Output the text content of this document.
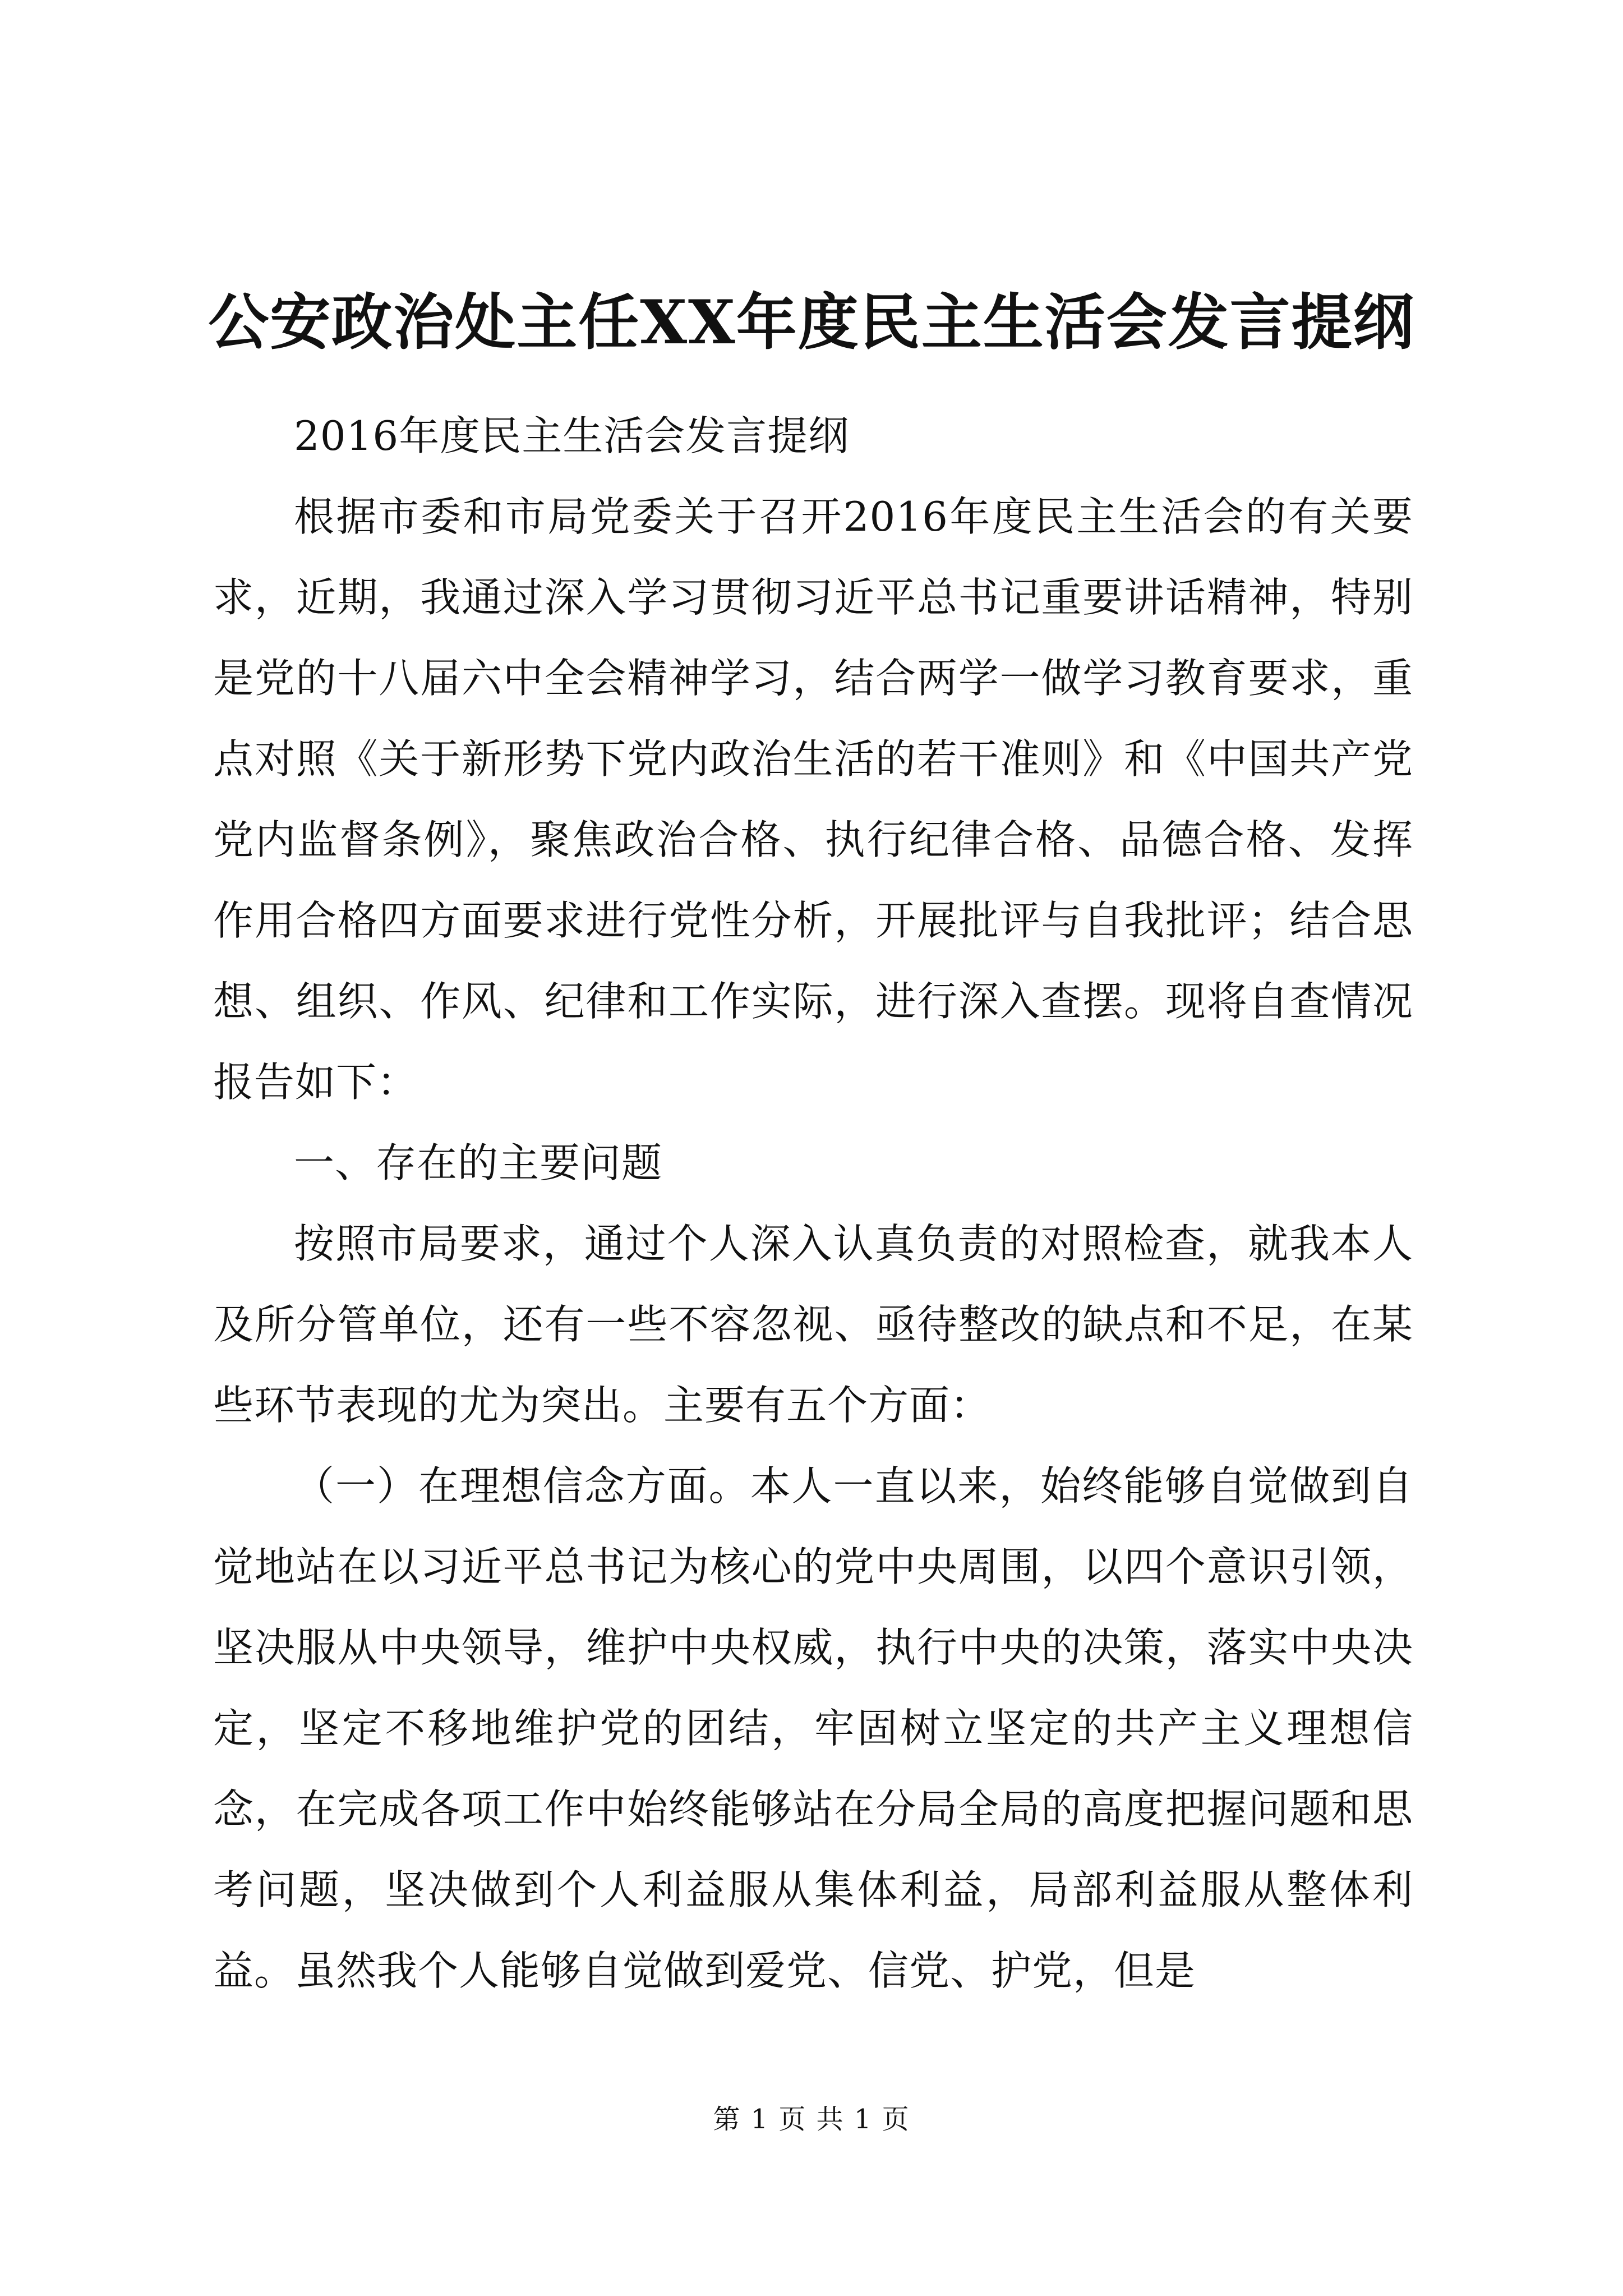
公安政治处主任XX年度民主生活会发言提纲

2016年度民主生活会发言提纲

根据市委和市局党委关于召开2016年度民主生活会的有关要求，近期，我通过深入学习贯彻习近平总书记重要讲话精神，特别是党的十八届六中全会精神学习，结合两学一做学习教育要求，重点对照《关于新形势下党内政治生活的若干准则》和《中国共产党党内监督条例》，聚焦政治合格、执行纪律合格、品德合格、发挥作用合格四方面要求进行党性分析，开展批评与自我批评；结合思想、组织、作风、纪律和工作实际，进行深入查摆。现将自查情况报告如下：

一、存在的主要问题

按照市局要求，通过个人深入认真负责的对照检查，就我本人及所分管单位，还有一些不容忽视、亟待整改的缺点和不足，在某些环节表现的尤为突出。主要有五个方面：

（一）在理想信念方面。本人一直以来，始终能够自觉做到自觉地站在以习近平总书记为核心的党中央周围，以四个意识引领，坚决服从中央领导，维护中央权威，执行中央的决策，落实中央决定，坚定不移地维护党的团结，牢固树立坚定的共产主义理想信念，在完成各项工作中始终能够站在分局全局的高度把握问题和思考问题，坚决做到个人利益服从集体利益，局部利益服从整体利益。虽然我个人能够自觉做到爱党、信党、护党，但是

第 1 页 共 1 页
